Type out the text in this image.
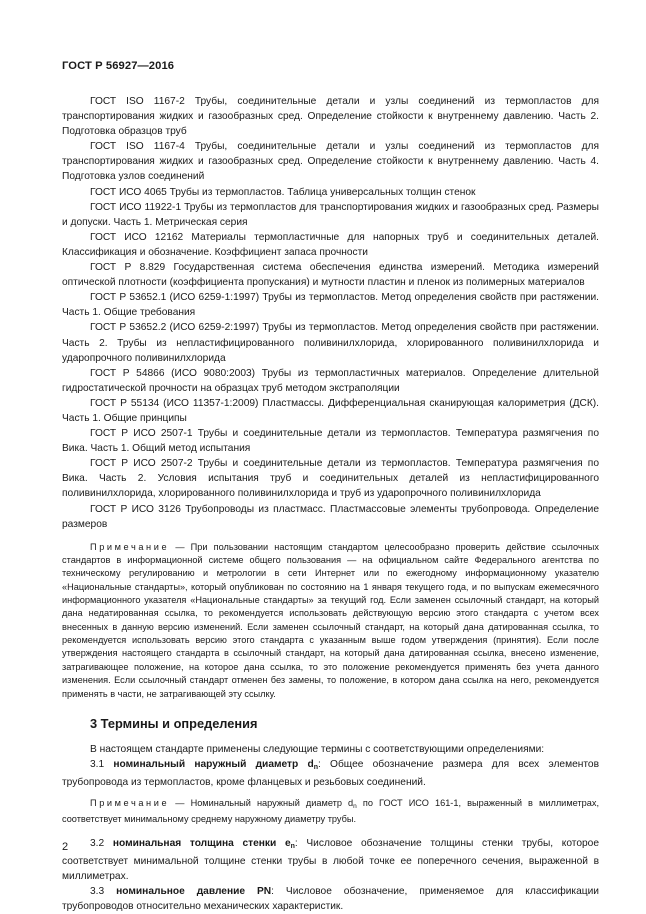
ГОСТ Р 56927—2016

ГОСТ ISO 1167-2 Трубы, соединительные детали и узлы соединений из термопластов для транспортирования жидких и газообразных сред. Определение стойкости к внутреннему давлению. Часть 2. Подготовка образцов труб

ГОСТ ISO 1167-4 Трубы, соединительные детали и узлы соединений из термопластов для транспортирования жидких и газообразных сред. Определение стойкости к внутреннему давлению. Часть 4. Подготовка узлов соединений

ГОСТ ИСО 4065 Трубы из термопластов. Таблица универсальных толщин стенок

ГОСТ ИСО 11922-1 Трубы из термопластов для транспортирования жидких и газообразных сред. Размеры и допуски. Часть 1. Метрическая серия

ГОСТ ИСО 12162 Материалы термопластичные для напорных труб и соединительных деталей. Классификация и обозначение. Коэффициент запаса прочности

ГОСТ Р 8.829 Государственная система обеспечения единства измерений. Методика измерений оптической плотности (коэффициента пропускания) и мутности пластин и пленок из полимерных материалов

ГОСТ Р 53652.1 (ИСО 6259-1:1997) Трубы из термопластов. Метод определения свойств при растяжении. Часть 1. Общие требования

ГОСТ Р 53652.2 (ИСО 6259-2:1997) Трубы из термопластов. Метод определения свойств при растяжении. Часть 2. Трубы из непластифицированного поливинилхлорида, хлорированного поливинилхлорида и ударопрочного поливинилхлорида

ГОСТ Р 54866 (ИСО 9080:2003) Трубы из термопластичных материалов. Определение длительной гидростатической прочности на образцах труб методом экстраполяции

ГОСТ Р 55134 (ИСО 11357-1:2009) Пластмассы. Дифференциальная сканирующая калориметрия (ДСК). Часть 1. Общие принципы

ГОСТ Р ИСО 2507-1 Трубы и соединительные детали из термопластов. Температура размягчения по Вика. Часть 1. Общий метод испытания

ГОСТ Р ИСО 2507-2 Трубы и соединительные детали из термопластов. Температура размягчения по Вика. Часть 2. Условия испытания труб и соединительных деталей из непластифицированного поливинилхлорида, хлорированного поливинилхлорида и труб из ударопрочного поливинилхлорида

ГОСТ Р ИСО 3126 Трубопроводы из пластмасс. Пластмассовые элементы трубопровода. Определение размеров

Примечание — При пользовании настоящим стандартом целесообразно проверить действие ссылочных стандартов в информационной системе общего пользования — на официальном сайте Федерального агентства по техническому регулированию и метрологии в сети Интернет или по ежегодному информационному указателю «Национальные стандарты», который опубликован по состоянию на 1 января текущего года, и по выпускам ежемесячного информационного указателя «Национальные стандарты» за текущий год. Если заменен ссылочный стандарт, на который дана недатированная ссылка, то рекомендуется использовать действующую версию этого стандарта с учетом всех внесенных в данную версию изменений. Если заменен ссылочный стандарт, на который дана датированная ссылка, то рекомендуется использовать версию этого стандарта с указанным выше годом утверждения (принятия). Если после утверждения настоящего стандарта в ссылочный стандарт, на который дана датированная ссылка, внесено изменение, затрагивающее положение, на которое дана ссылка, то это положение рекомендуется применять без учета данного изменения. Если ссылочный стандарт отменен без замены, то положение, в котором дана ссылка на него, рекомендуется применять в части, не затрагивающей эту ссылку.

3 Термины и определения

В настоящем стандарте применены следующие термины с соответствующими определениями:

3.1 номинальный наружный диаметр $d_n$: Общее обозначение размера для всех элементов трубопровода из термопластов, кроме фланцевых и резьбовых соединений.

Примечание — Номинальный наружный диаметр $d_n$ по ГОСТ ИСО 161-1, выраженный в миллиметрах, соответствует минимальному среднему наружному диаметру трубы.

3.2 номинальная толщина стенки $e_n$: Числовое обозначение толщины стенки трубы, которое соответствует минимальной толщине стенки трубы в любой точке ее поперечного сечения, выраженной в миллиметрах.

3.3 номинальное давление PN: Числовое обозначение, применяемое для классификации трубопроводов относительно механических характеристик.

2
